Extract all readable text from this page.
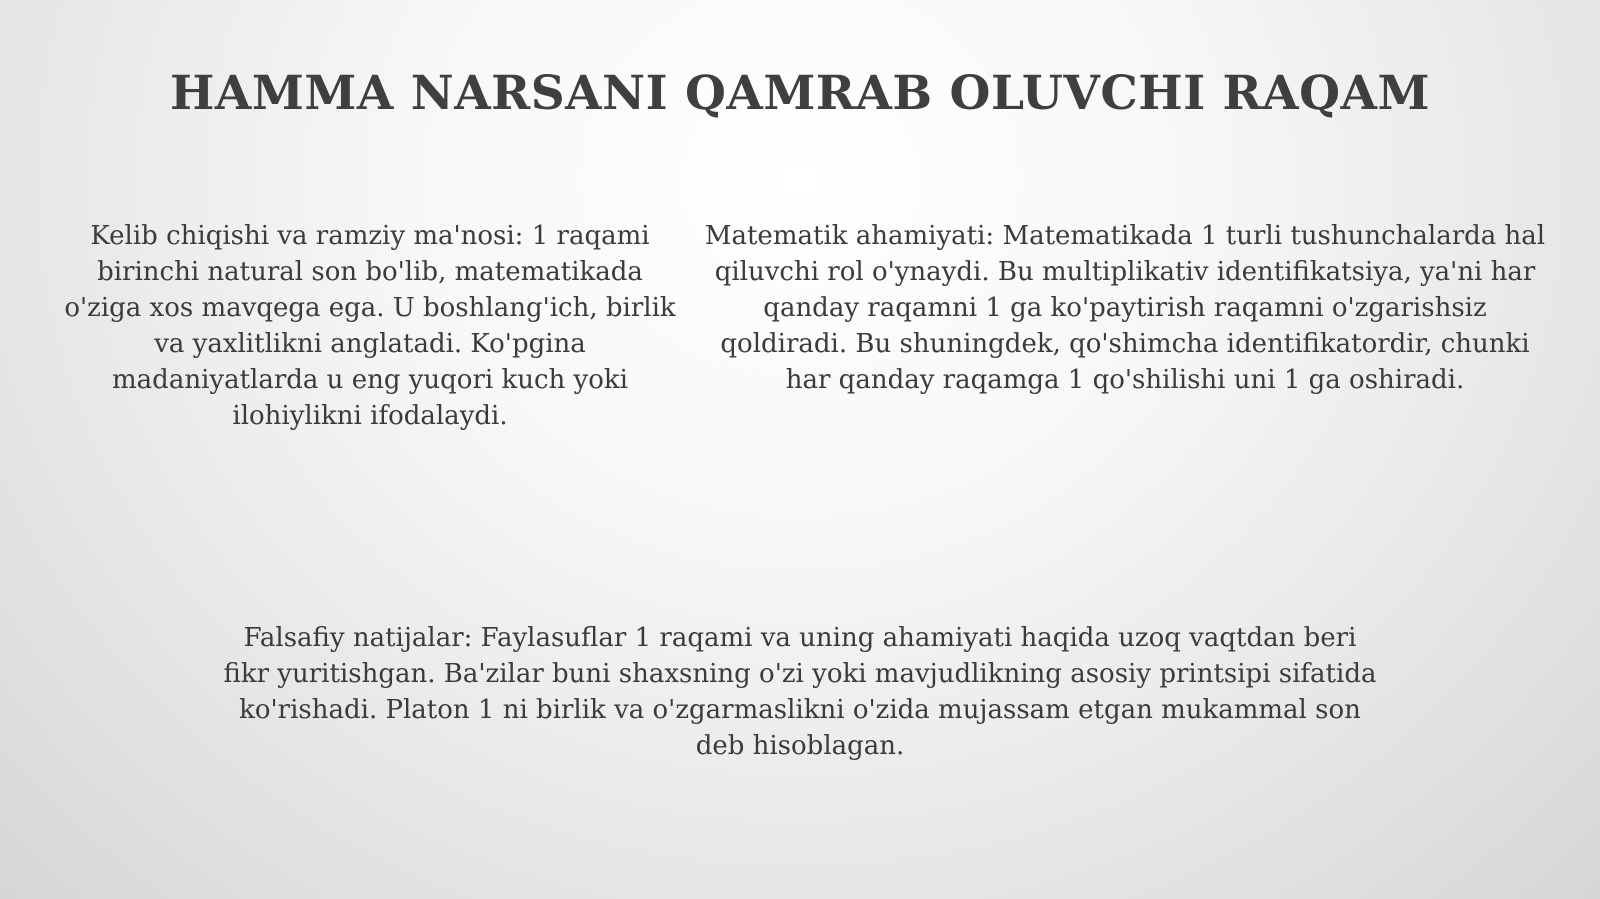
HAMMA NARSANI QAMRAB OLUVCHI RAQAM

Kelib chiqishi va ramziy ma'nosi: 1 raqami birinchi natural son bo'lib, matematikada o'ziga xos mavqega ega. U boshlang'ich, birlik va yaxlitlikni anglatadi. Ko'pgina madaniyatlarda u eng yuqori kuch yoki ilohiylikni ifodalaydi.

Matematik ahamiyati: Matematikada 1 turli tushunchalarda hal qiluvchi rol o'ynaydi. Bu multiplikativ identifikatsiya, ya'ni har qanday raqamni 1 ga ko'paytirish raqamni o'zgarishsiz qoldiradi. Bu shuningdek, qo'shimcha identifikatordir, chunki har qanday raqamga 1 qo'shilishi uni 1 ga oshiradi.

Falsafiy natijalar: Faylasuflar 1 raqami va uning ahamiyati haqida uzoq vaqtdan beri fikr yuritishgan. Ba'zilar buni shaxsning o'zi yoki mavjudlikning asosiy printsipi sifatida ko'rishadi. Platon 1 ni birlik va o'zgarmaslikni o'zida mujassam etgan mukammal son deb hisoblagan.
